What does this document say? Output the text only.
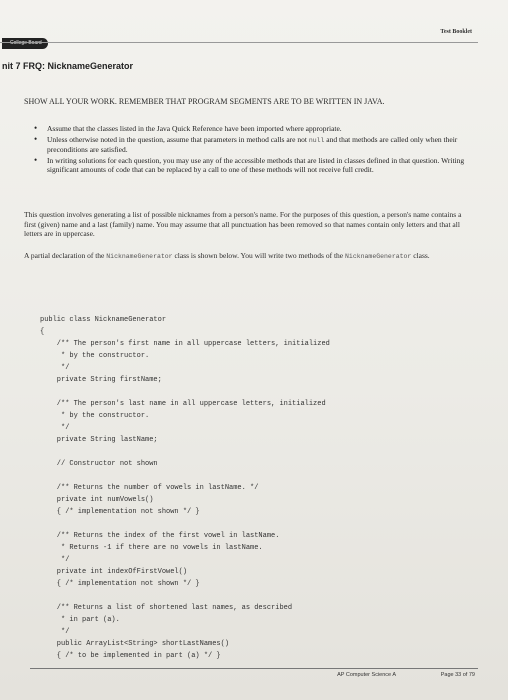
College Board
Test Booklet
nit 7 FRQ: NicknameGenerator
SHOW ALL YOUR WORK. REMEMBER THAT PROGRAM SEGMENTS ARE TO BE WRITTEN IN JAVA.
• Assume that the classes listed in the Java Quick Reference have been imported where appropriate.
• Unless otherwise noted in the question, assume that parameters in method calls are not null and that methods are called only when their preconditions are satisfied.
• In writing solutions for each question, you may use any of the accessible methods that are listed in classes defined in that question. Writing significant amounts of code that can be replaced by a call to one of these methods will not receive full credit.
This question involves generating a list of possible nicknames from a person's name. For the purposes of this question, a person's name contains a first (given) name and a last (family) name. You may assume that all punctuation has been removed so that names contain only letters and that all letters are in uppercase.
A partial declaration of the NicknameGenerator class is shown below. You will write two methods of the NicknameGenerator class.
public class NicknameGenerator
{
/** The person's first name in all uppercase letters, initialized
* by the constructor.
*/
private String firstName;
/** The person's last name in all uppercase letters, initialized
* by the constructor.
*/
private String lastName;
// Constructor not shown
/** Returns the number of vowels in lastName. */
private int numVowels()
{ /* implementation not shown */ }
/** Returns the index of the first vowel in lastName.
* Returns -1 if there are no vowels in lastName.
*/
private int indexOfFirstVowel()
{ /* implementation not shown */ }
/** Returns a list of shortened last names, as described
* in part (a).
*/
public ArrayList<String> shortLastNames()
{ /* to be implemented in part (a) */ }
AP Computer Science A	Page 33 of 79
